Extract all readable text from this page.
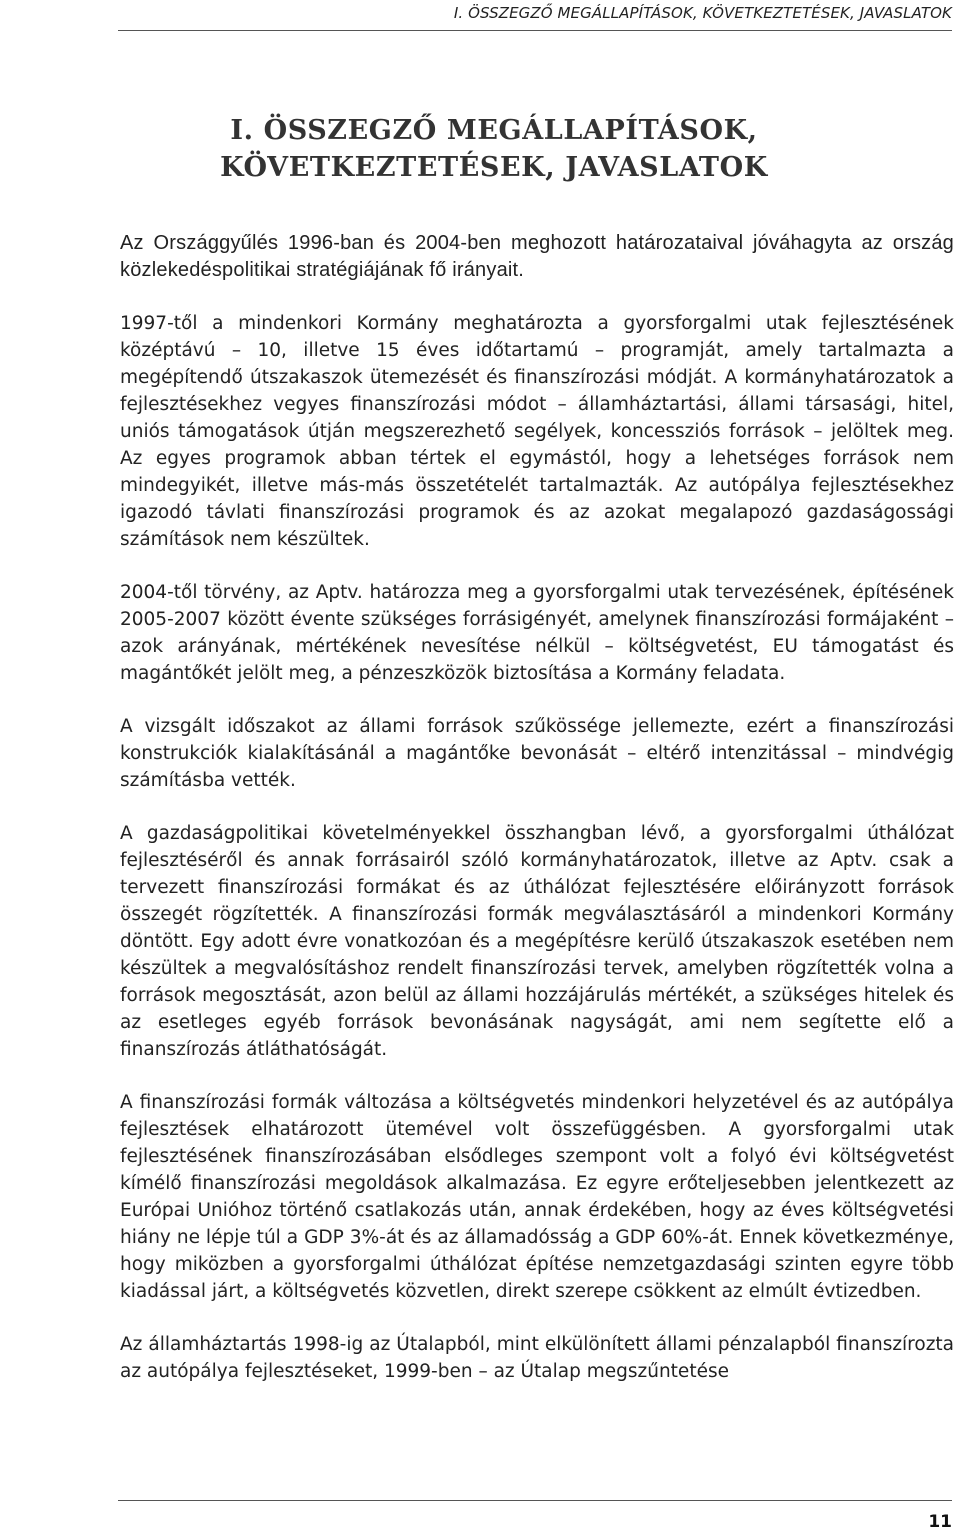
I. ÖSSZEGZŐ MEGÁLLAPÍTÁSOK, KÖVETKEZTETÉSEK, JAVASLATOK
I. ÖSSZEGZŐ MEGÁLLAPÍTÁSOK, KÖVETKEZTETÉSEK, JAVASLATOK

Az Országgyűlés 1996-ban és 2004-ben meghozott határozataival jóváhagyta az ország közlekedéspolitikai stratégiájának fő irányait.

1997-től a mindenkori Kormány meghatározta a gyorsforgalmi utak fejlesztésének középtávú – 10, illetve 15 éves időtartamú – programját, amely tartalmazta a megépítendő útszakaszok ütemezését és finanszírozási módját. A kormányhatározatok a fejlesztésekhez vegyes finanszírozási módot – államháztartási, állami társasági, hitel, uniós támogatások útján megszerezhető segélyek, koncessziós források – jelöltek meg. Az egyes programok abban tértek el egymástól, hogy a lehetséges források nem mindegyikét, illetve más-más összetételét tartalmazták. Az autópálya fejlesztésekhez igazodó távlati finanszírozási programok és az azokat megalapozó gazdaságossági számítások nem készültek.

2004-től törvény, az Aptv. határozza meg a gyorsforgalmi utak tervezésének, építésének 2005-2007 között évente szükséges forrásigényét, amelynek finanszírozási formájaként – azok arányának, mértékének nevesítése nélkül – költségvetést, EU támogatást és magántőkét jelölt meg, a pénzeszközök biztosítása a Kormány feladata.

A vizsgált időszakot az állami források szűkössége jellemezte, ezért a finanszírozási konstrukciók kialakításánál a magántőke bevonását – eltérő intenzitással – mindvégig számításba vették.

A gazdaságpolitikai követelményekkel összhangban lévő, a gyorsforgalmi úthálózat fejlesztéséről és annak forrásairól szóló kormányhatározatok, illetve az Aptv. csak a tervezett finanszírozási formákat és az úthálózat fejlesztésére előirányzott források összegét rögzítették. A finanszírozási formák megválasztásáról a mindenkori Kormány döntött. Egy adott évre vonatkozóan és a megépítésre kerülő útszakaszok esetében nem készültek a megvalósításhoz rendelt finanszírozási tervek, amelyben rögzítették volna a források megosztását, azon belül az állami hozzájárulás mértékét, a szükséges hitelek és az esetleges egyéb források bevonásának nagyságát, ami nem segítette elő a finanszírozás átláthatóságát.

A finanszírozási formák változása a költségvetés mindenkori helyzetével és az autópálya fejlesztések elhatározott ütemével volt összefüggésben. A gyorsforgalmi utak fejlesztésének finanszírozásában elsődleges szempont volt a folyó évi költségvetést kímélő finanszírozási megoldások alkalmazása. Ez egyre erőteljesebben jelentkezett az Európai Unióhoz történő csatlakozás után, annak érdekében, hogy az éves költségvetési hiány ne lépje túl a GDP 3%-át és az államadósság a GDP 60%-át. Ennek következménye, hogy miközben a gyorsforgalmi úthálózat építése nemzetgazdasági szinten egyre több kiadással járt, a költségvetés közvetlen, direkt szerepe csökkent az elmúlt évtizedben.

Az államháztartás 1998-ig az Útalapból, mint elkülönített állami pénzalapból finanszírozta az autópálya fejlesztéseket, 1999-ben – az Útalap megszűntetése

11
